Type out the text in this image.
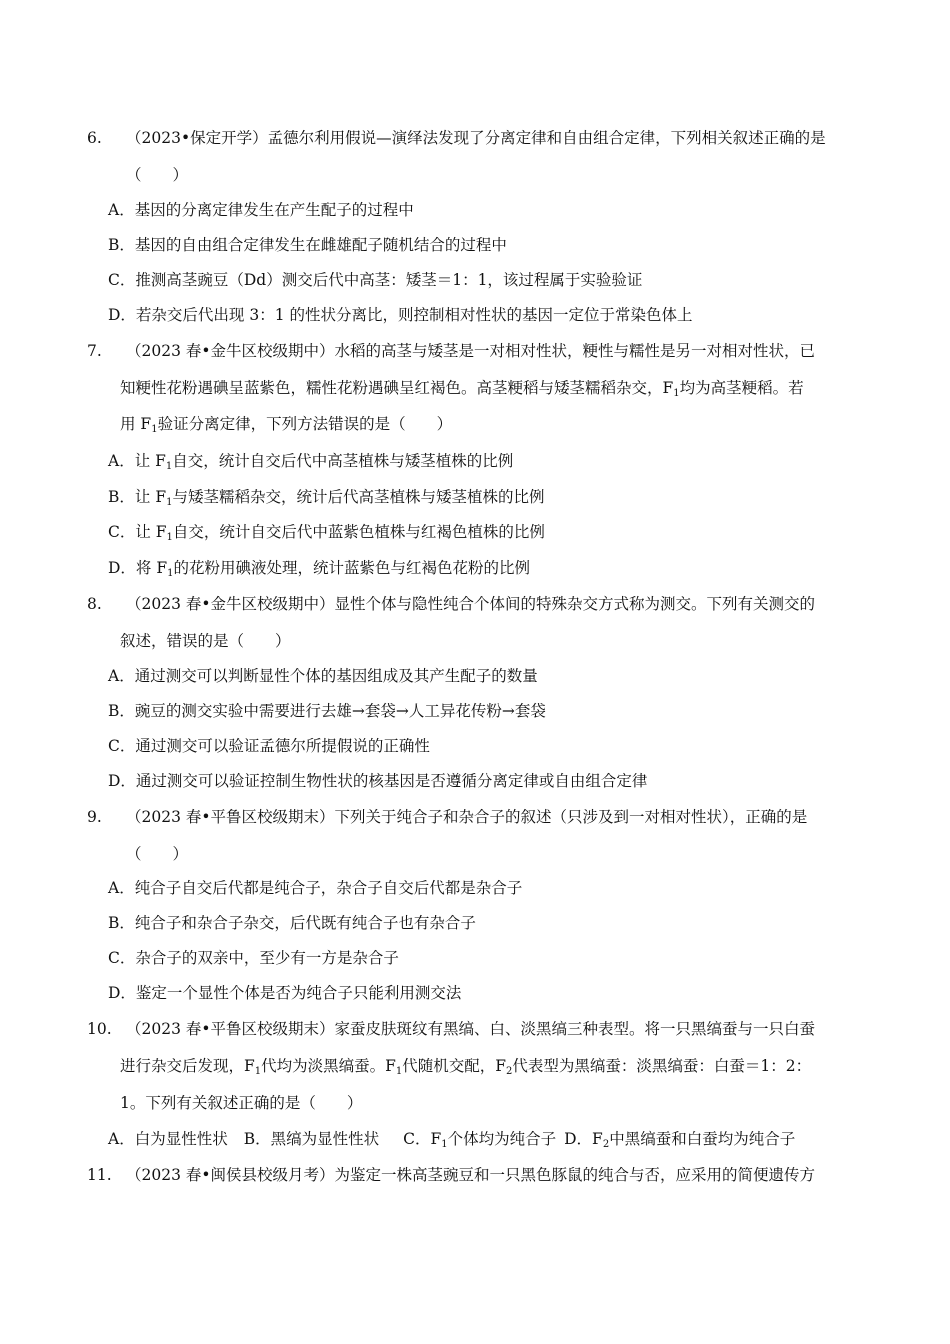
6. （2023•保定开学）孟德尔利用假说—演绎法发现了分离定律和自由组合定律，下列相关叙述正确的是
（　　）
A．基因的分离定律发生在产生配子的过程中
B．基因的自由组合定律发生在雌雄配子随机结合的过程中
C．推测高茎豌豆（Dd）测交后代中高茎：矮茎＝1：1，该过程属于实验验证
D．若杂交后代出现 3：1 的性状分离比，则控制相对性状的基因一定位于常染色体上
7. （2023 春•金牛区校级期中）水稻的高茎与矮茎是一对相对性状，粳性与糯性是另一对相对性状，已
知粳性花粉遇碘呈蓝紫色，糯性花粉遇碘呈红褐色。高茎粳稻与矮茎糯稻杂交，$F_1$均为高茎粳稻。若
用 $F_1$验证分离定律，下列方法错误的是（　　）
A．让 $F_1$自交，统计自交后代中高茎植株与矮茎植株的比例
B．让 $F_1$与矮茎糯稻杂交，统计后代高茎植株与矮茎植株的比例
C．让 $F_1$自交，统计自交后代中蓝紫色植株与红褐色植株的比例
D．将 $F_1$的花粉用碘液处理，统计蓝紫色与红褐色花粉的比例
8. （2023 春•金牛区校级期中）显性个体与隐性纯合个体间的特殊杂交方式称为测交。下列有关测交的
叙述，错误的是（　　）
A．通过测交可以判断显性个体的基因组成及其产生配子的数量
B．豌豆的测交实验中需要进行去雄→套袋→人工异花传粉→套袋
C．通过测交可以验证孟德尔所提假说的正确性
D．通过测交可以验证控制生物性状的核基因是否遵循分离定律或自由组合定律
9. （2023 春•平鲁区校级期末）下列关于纯合子和杂合子的叙述（只涉及到一对相对性状），正确的是
（　　）
A．纯合子自交后代都是纯合子，杂合子自交后代都是杂合子
B．纯合子和杂合子杂交，后代既有纯合子也有杂合子
C．杂合子的双亲中，至少有一方是杂合子
D．鉴定一个显性个体是否为纯合子只能利用测交法
10. （2023 春•平鲁区校级期末）家蚕皮肤斑纹有黑缟、白、淡黑缟三种表型。将一只黑缟蚕与一只白蚕
进行杂交后发现，$F_1$代均为淡黑缟蚕。$F_1$代随机交配，$F_2$代表型为黑缟蚕：淡黑缟蚕：白蚕＝1：2：
1。下列有关叙述正确的是（　　）
A．白为显性性状 B．黑缟为显性性状 C．$F_1$个体均为纯合子 D．$F_2$中黑缟蚕和白蚕均为纯合子
11. （2023 春•闽侯县校级月考）为鉴定一株高茎豌豆和一只黑色豚鼠的纯合与否，应采用的简便遗传方
